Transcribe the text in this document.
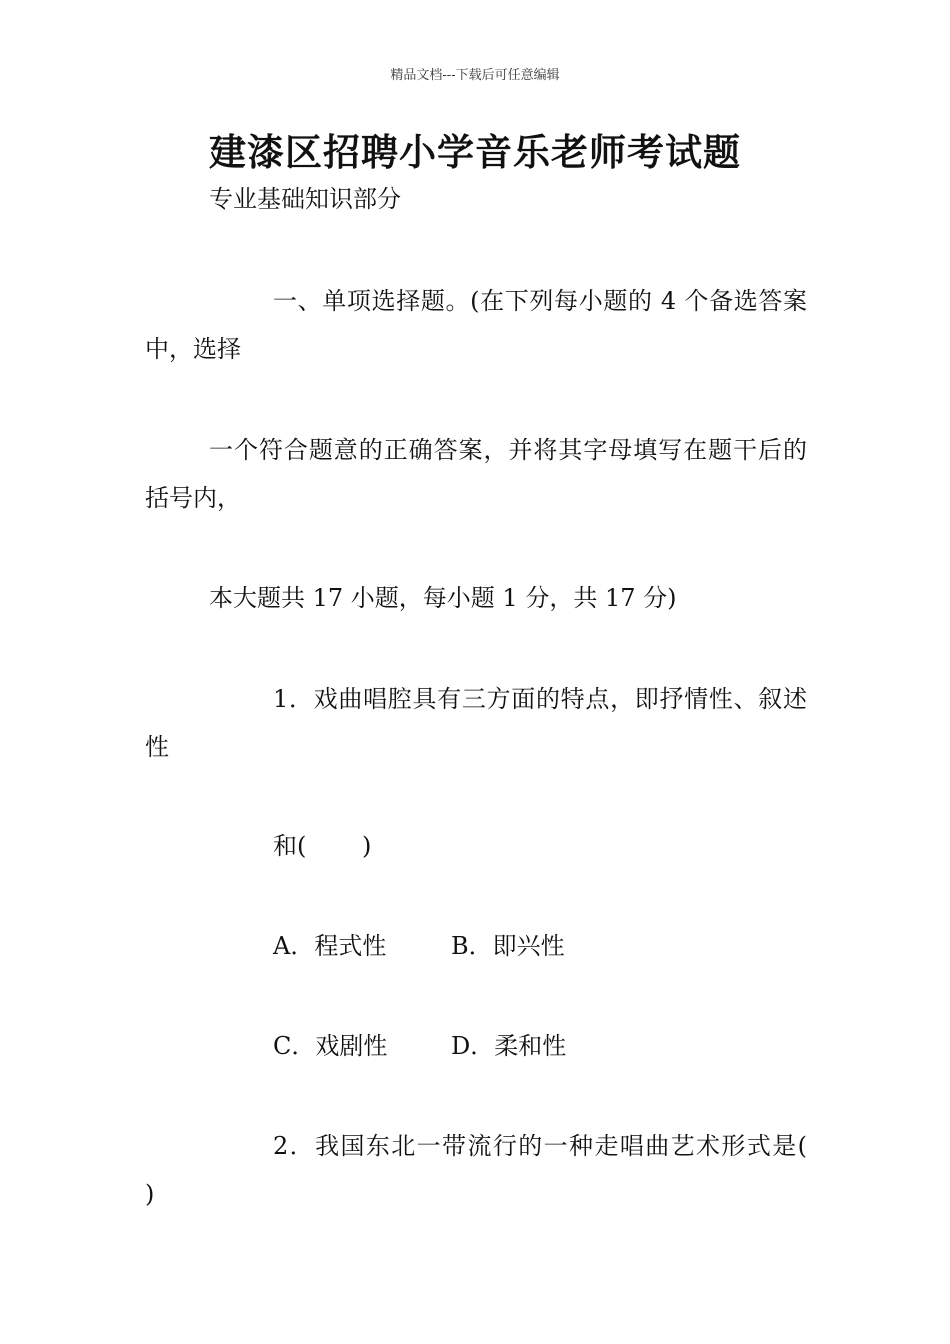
精品文档---下载后可任意编辑
建漆区招聘小学音乐老师考试题
专业基础知识部分
一、单项选择题。(在下列每小题的 4 个备选答案中，选择
一个符合题意的正确答案，并将其字母填写在题干后的括号内，
本大题共 17 小题，每小题 1 分，共 17 分)
1．戏曲唱腔具有三方面的特点，即抒情性、叙述性
和(　　 )
A．程式性	B．即兴性
C．戏剧性	D．柔和性
2．我国东北一带流行的一种走唱曲艺术形式是(　　 )
